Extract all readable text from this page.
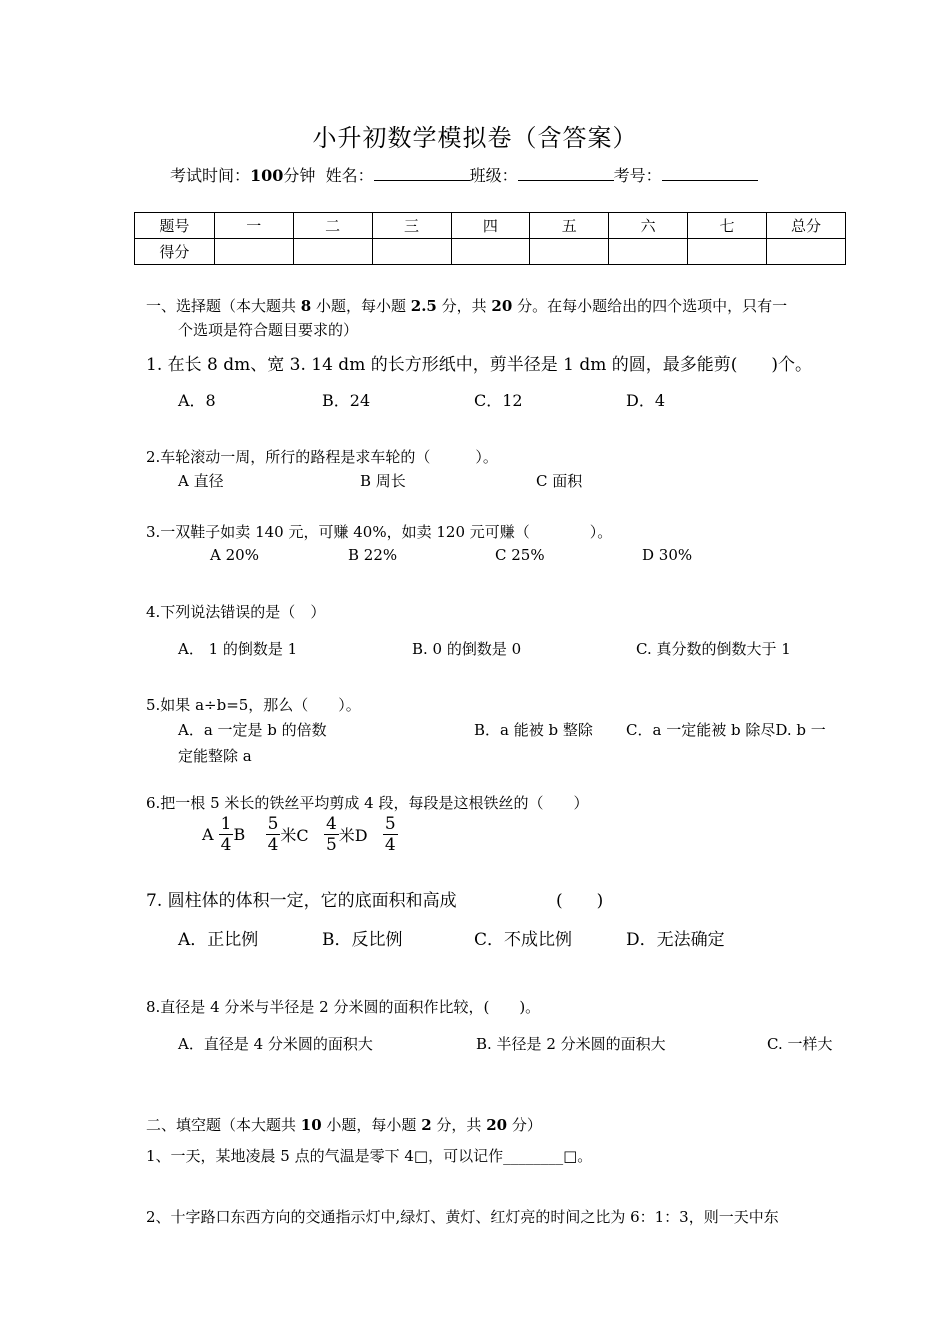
小升初数学模拟卷（含答案）
考试时间：100分钟 姓名：	班级：	考号：
题号	一	二	三	四	五	六	七	总分
得分								
一、选择题（本大题共 8 小题，每小题 2.5 分，共 20 分。在每小题给出的四个选项中，只有一
个选项是符合题目要求的）
1. 在长 8 dm、宽 3. 14 dm 的长方形纸中，剪半径是 1 dm 的圆，最多能剪(　　)个。
A．8	B．24	C．12	D．4
2.车轮滚动一周，所行的路程是求车轮的（　　　）。
A 直径	B 周长	C 面积
3.一双鞋子如卖 140 元，可赚 40%，如卖 120 元可赚（　　　　）。
A 20%	B 22%	C 25%	D 30%
4.下列说法错误的是（　）
A． 1 的倒数是 1	B. 0 的倒数是 0	C. 真分数的倒数大于 1
5.如果 a÷b=5，那么（　　）。
A．a 一定是 b 的倍数	B．a 能被 b 整除 C．a 一定能被 b 除尽D. b 一
定能整除 a
6.把一根 5 米长的铁丝平均剪成 4 段，每段是这根铁丝的（　　）
A $\frac{1}{4}$ B $\frac{5}{4}$ 米C $\frac{4}{5}$ 米D $\frac{5}{4}$
7. 圆柱体的体积一定，它的底面积和高成	(　　)
A．正比例	B．反比例	C．不成比例	D．无法确定
8.直径是 4 分米与半径是 2 分米圆的面积作比较，(　　)。
A．直径是 4 分米圆的面积大	B. 半径是 2 分米圆的面积大	C. 一样大
二、填空题（本大题共 10 小题，每小题 2 分，共 20 分）
1、一天，某地凌晨 5 点的气温是零下 4□，可以记作________□。
2、十字路口东西方向的交通指示灯中,绿灯、黄灯、红灯亮的时间之比为 6：1：3，则一天中东
